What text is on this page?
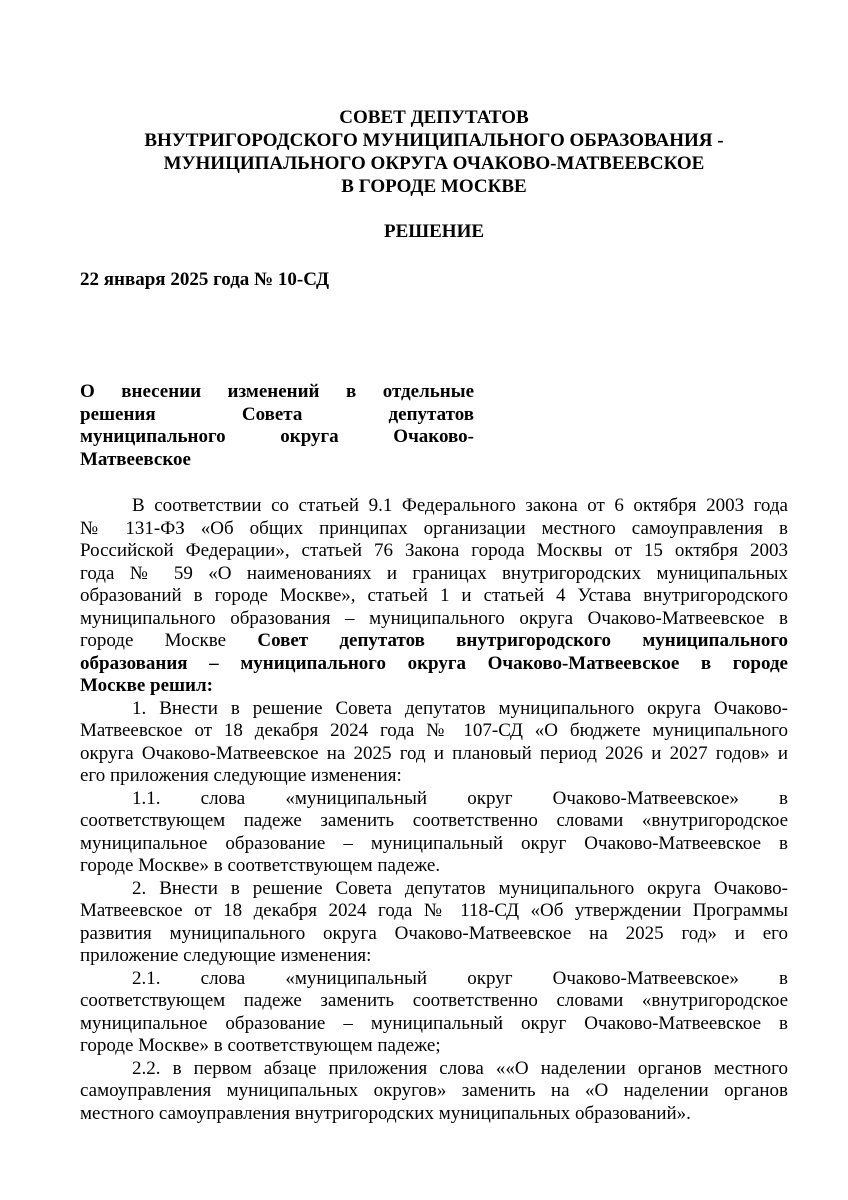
СОВЕТ ДЕПУТАТОВ
ВНУТРИГОРОДСКОГО МУНИЦИПАЛЬНОГО ОБРАЗОВАНИЯ -
МУНИЦИПАЛЬНОГО ОКРУГА ОЧАКОВО-МАТВЕЕВСКОЕ
В ГОРОДЕ МОСКВЕ
РЕШЕНИЕ
22 января 2025 года № 10-СД
О внесении изменений в отдельные
решения Совета депутатов
муниципального округа Очаково-
Матвеевское
В соответствии со статьей 9.1 Федерального закона от 6 октября 2003 года
№ 131-ФЗ «Об общих принципах организации местного самоуправления в
Российской Федерации», статьей 76 Закона города Москвы от 15 октября 2003
года № 59 «О наименованиях и границах внутригородских муниципальных
образований в городе Москве», статьей 1 и статьей 4 Устава внутригородского
муниципального образования – муниципального округа Очаково-Матвеевское в
городе Москве Совет депутатов внутригородского муниципального
образования – муниципального округа Очаково-Матвеевское в городе
Москве решил:
1. Внести в решение Совета депутатов муниципального округа Очаково-
Матвеевское от 18 декабря 2024 года № 107-СД «О бюджете муниципального
округа Очаково-Матвеевское на 2025 год и плановый период 2026 и 2027 годов» и
его приложения следующие изменения:
1.1. слова «муниципальный округ Очаково-Матвеевское» в
соответствующем падеже заменить соответственно словами «внутригородское
муниципальное образование – муниципальный округ Очаково-Матвеевское в
городе Москве» в соответствующем падеже.
2. Внести в решение Совета депутатов муниципального округа Очаково-
Матвеевское от 18 декабря 2024 года № 118-СД «Об утверждении Программы
развития муниципального округа Очаково-Матвеевское на 2025 год» и его
приложение следующие изменения:
2.1. слова «муниципальный округ Очаково-Матвеевское» в
соответствующем падеже заменить соответственно словами «внутригородское
муниципальное образование – муниципальный округ Очаково-Матвеевское в
городе Москве» в соответствующем падеже;
2.2. в первом абзаце приложения слова ««О наделении органов местного
самоуправления муниципальных округов» заменить на «О наделении органов
местного самоуправления внутригородских муниципальных образований».
